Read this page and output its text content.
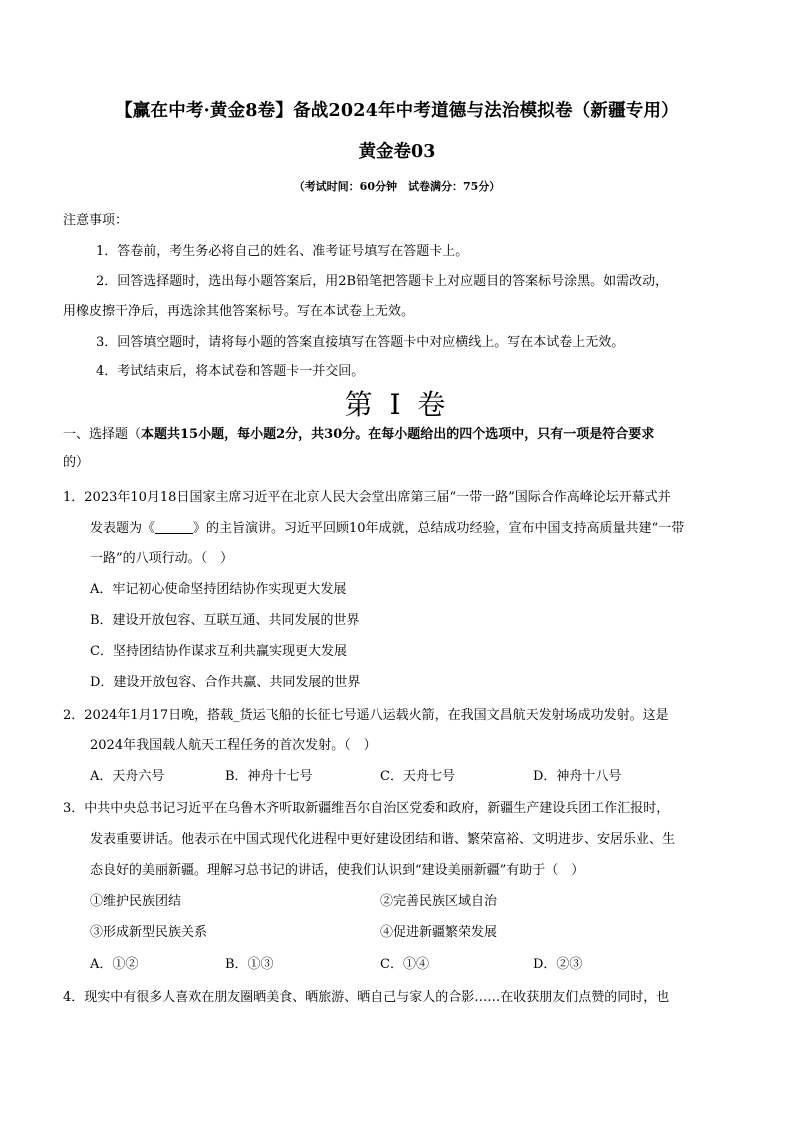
【赢在中考·黄金8卷】备战2024年中考道德与法治模拟卷（新疆专用）
黄金卷03
（考试时间：60分钟　试卷满分：75分）
注意事项：
1．答卷前，考生务必将自己的姓名、准考证号填写在答题卡上。
2．回答选择题时，选出每小题答案后，用2B铅笔把答题卡上对应题目的答案标号涂黑。如需改动，
用橡皮擦干净后，再选涂其他答案标号。写在本试卷上无效。
3．回答填空题时，请将每小题的答案直接填写在答题卡中对应横线上。写在本试卷上无效。
4．考试结束后，将本试卷和答题卡一并交回。
第 I 卷
一、选择题（本题共15小题，每小题2分，共30分。在每小题给出的四个选项中，只有一项是符合要求
的）
1．2023年10月18日国家主席习近平在北京人民大会堂出席第三届“一带一路”国际合作高峰论坛开幕式并
发表题为《	》的主旨演讲。习近平回顾10年成就，总结成功经验，宣布中国支持高质量共建“一带
一路”的八项行动。（　）
A．牢记初心使命坚持团结协作实现更大发展
B．建设开放包容、互联互通、共同发展的世界
C．坚持团结协作谋求互利共赢实现更大发展
D．建设开放包容、合作共赢、共同发展的世界
2．2024年1月17日晚，搭载_货运飞船的长征七号遥八运载火箭，在我国文昌航天发射场成功发射。这是
2024年我国载人航天工程任务的首次发射。（　）
A．天舟六号	B．神舟十七号	C．天舟七号	D．神舟十八号
3．中共中央总书记习近平在乌鲁木齐听取新疆维吾尔自治区党委和政府，新疆生产建设兵团工作汇报时，
发表重要讲话。他表示在中国式现代化进程中更好建设团结和谐、繁荣富裕、文明进步、安居乐业、生
态良好的美丽新疆。理解习总书记的讲话，使我们认识到“建设美丽新疆”有助于（　）
①维护民族团结	②完善民族区域自治
③形成新型民族关系	④促进新疆繁荣发展
A．①②	B．①③	C．①④	D．②③
4．现实中有很多人喜欢在朋友圈晒美食、晒旅游、晒自己与家人的合影……在收获朋友们点赞的同时，也
